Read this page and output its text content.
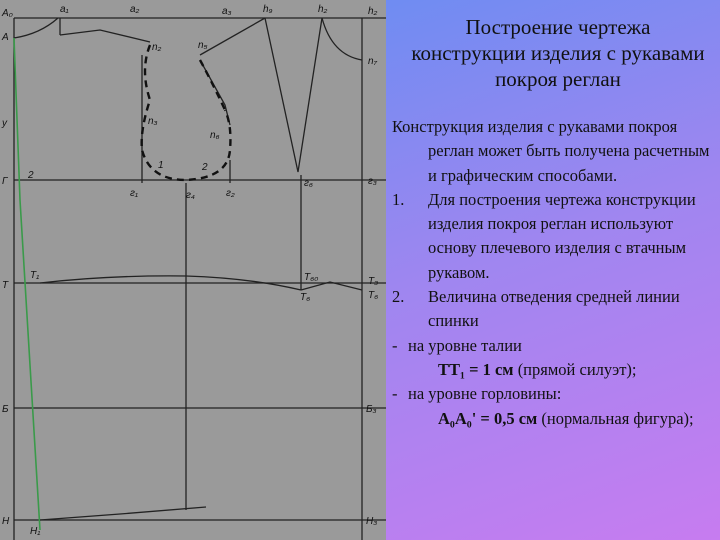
A₀
A
a₁	a₂	a₃	h₉	h₂	h₂
n₂	n₅
n₇
y	n₃
n₆
1	2
2
Г
г₁	г₄	г₂
г₆	г₃
T
T₁	T₆₀	T₃
T₆	T₆
Б	Б₃
H
H₁
H₃
Построение чертежа конструкции изделия с рукавами покроя реглан

Конструкция изделия с рукавами покроя реглан может быть получена расчетным и графическим способами.

1. Для построения чертежа конструкции изделия покроя реглан используют основу плечевого изделия с втачным рукавом.
2. Величина отведения средней линии спинки
- на уровне талии
ТТ₁ = 1 см (прямой силуэт);
- на уровне горловины:
А₀А₀' = 0,5 см (нормальная фигура);
